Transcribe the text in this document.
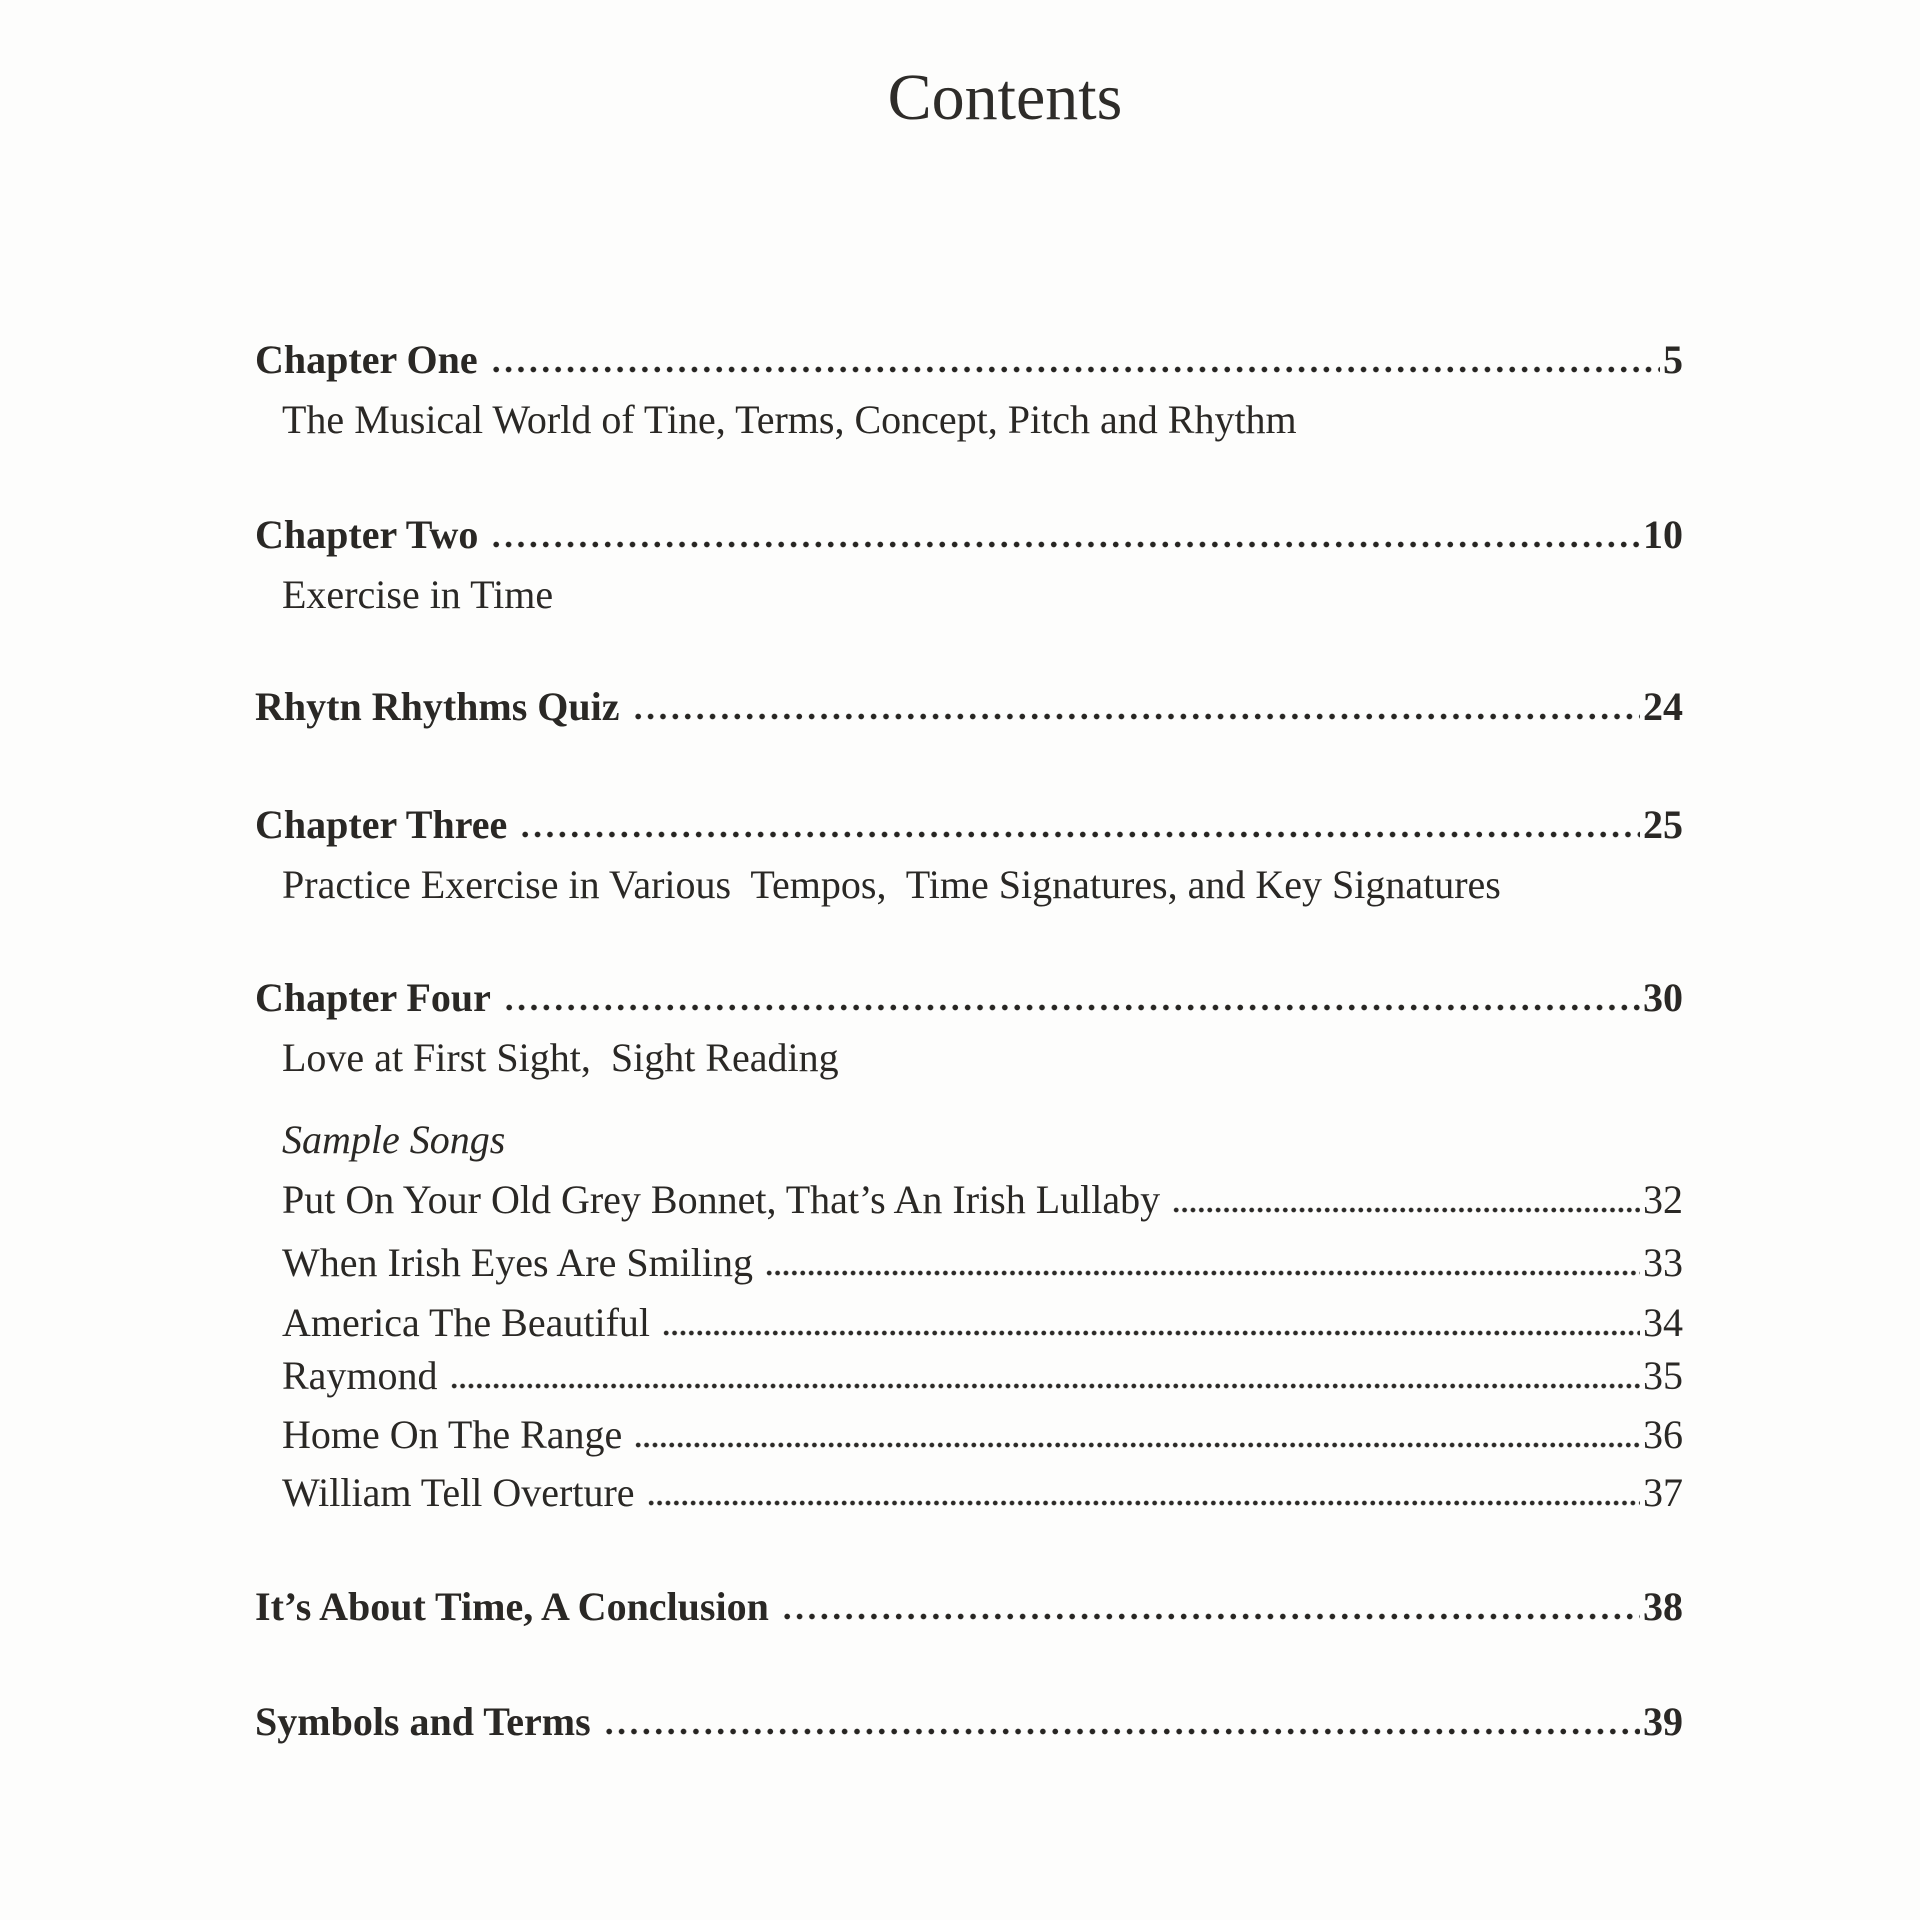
Contents
Chapter One	5
The Musical World of Tine, Terms, Concept, Pitch and Rhythm
Chapter Two	10
Exercise in Time
Rhytn Rhythms Quiz	24
Chapter Three	25
Practice Exercise in Various  Tempos,  Time Signatures, and Key Signatures
Chapter Four	30
Love at First Sight,  Sight Reading
Sample Songs
Put On Your Old Grey Bonnet, That’s An Irish Lullaby	32
When Irish Eyes Are Smiling	33
America The Beautiful	34
Raymond	35
Home On The Range	36
William Tell Overture	37
It’s About Time, A Conclusion	38
Symbols and Terms	39
